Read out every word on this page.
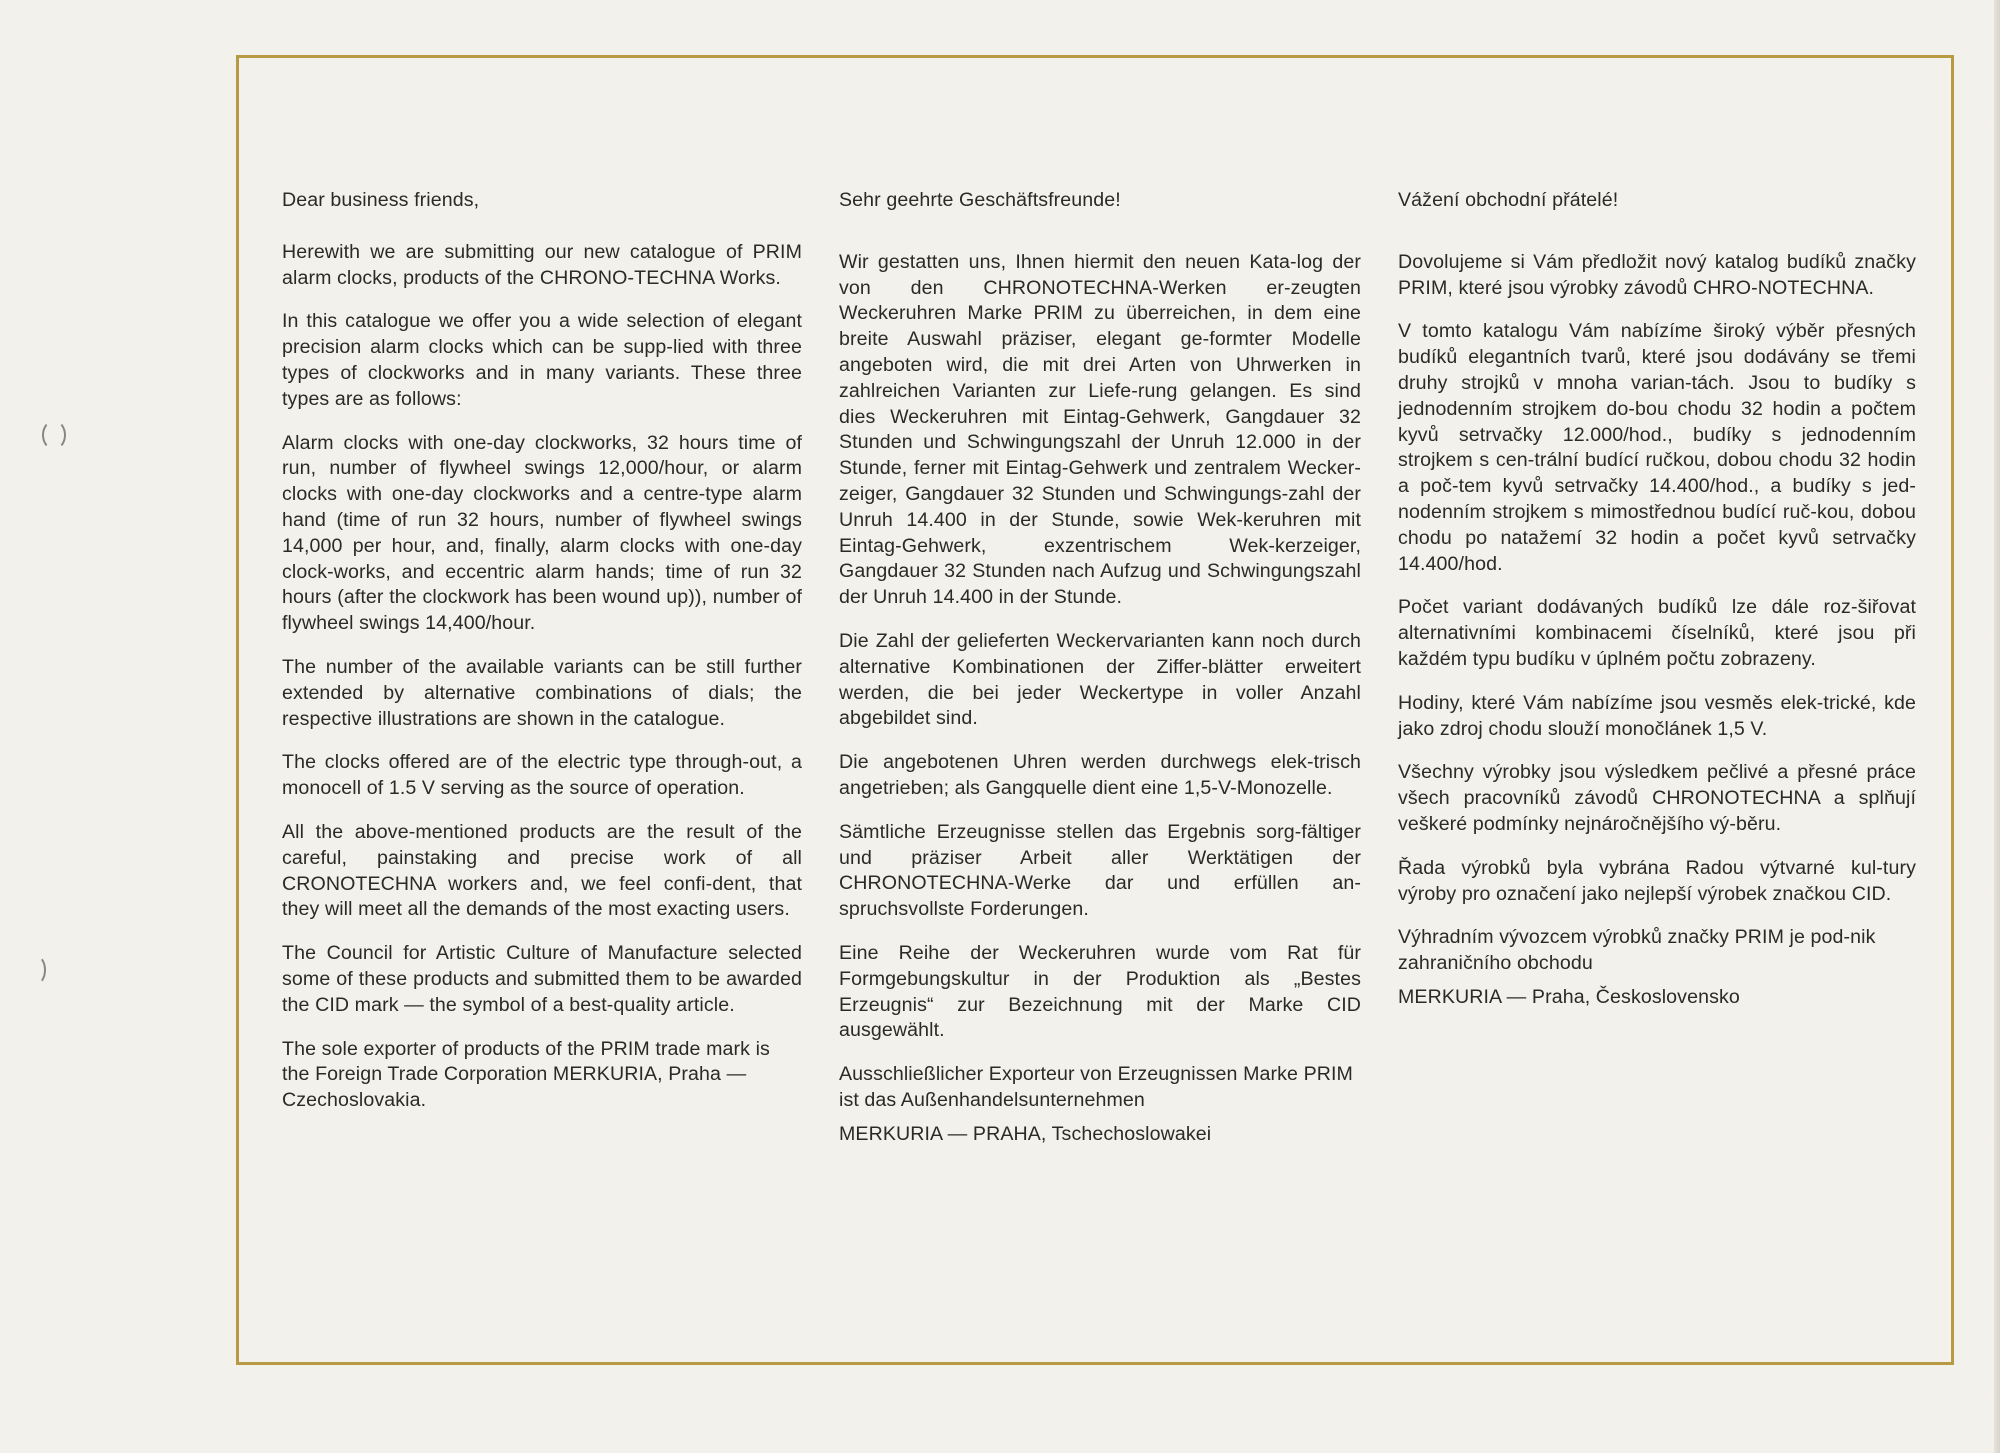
Dear business friends,

Herewith we are submitting our new catalogue of PRIM alarm clocks, products of the CHRONO-TECHNA Works.

In this catalogue we offer you a wide selection of elegant precision alarm clocks which can be supp-lied with three types of clockworks and in many variants. These three types are as follows:

Alarm clocks with one-day clockworks, 32 hours time of run, number of flywheel swings 12,000/hour, or alarm clocks with one-day clockworks and a centre-type alarm hand (time of run 32 hours, number of flywheel swings 14,000 per hour, and, finally, alarm clocks with one-day clock-works, and eccentric alarm hands; time of run 32 hours (after the clockwork has been wound up)), number of flywheel swings 14,400/hour.

The number of the available variants can be still further extended by alternative combinations of dials; the respective illustrations are shown in the catalogue.

The clocks offered are of the electric type through-out, a monocell of 1.5 V serving as the source of operation.

All the above-mentioned products are the result of the careful, painstaking and precise work of all CRONOTECHNA workers and, we feel confi-dent, that they will meet all the demands of the most exacting users.

The Council for Artistic Culture of Manufacture selected some of these products and submitted them to be awarded the CID mark — the symbol of a best-quality article.

The sole exporter of products of the PRIM trade mark is the Foreign Trade Corporation MERKURIA, Praha — Czechoslovakia.

Sehr geehrte Geschäftsfreunde!

Wir gestatten uns, Ihnen hiermit den neuen Kata-log der von den CHRONOTECHNA-Werken er-zeugten Weckeruhren Marke PRIM zu überreichen, in dem eine breite Auswahl präziser, elegant ge-formter Modelle angeboten wird, die mit drei Arten von Uhrwerken in zahlreichen Varianten zur Liefe-rung gelangen. Es sind dies Weckeruhren mit Eintag-Gehwerk, Gangdauer 32 Stunden und Schwingungszahl der Unruh 12.000 in der Stunde, ferner mit Eintag-Gehwerk und zentralem Wecker-zeiger, Gangdauer 32 Stunden und Schwingungs-zahl der Unruh 14.400 in der Stunde, sowie Wek-keruhren mit Eintag-Gehwerk, exzentrischem Wek-kerzeiger, Gangdauer 32 Stunden nach Aufzug und Schwingungszahl der Unruh 14.400 in der Stunde.

Die Zahl der gelieferten Weckervarianten kann noch durch alternative Kombinationen der Ziffer-blätter erweitert werden, die bei jeder Weckertype in voller Anzahl abgebildet sind.

Die angebotenen Uhren werden durchwegs elek-trisch angetrieben; als Gangquelle dient eine 1,5-V-Monozelle.

Sämtliche Erzeugnisse stellen das Ergebnis sorg-fältiger und präziser Arbeit aller Werktätigen der CHRONOTECHNA-Werke dar und erfüllen an-spruchsvollste Forderungen.

Eine Reihe der Weckeruhren wurde vom Rat für Formgebungskultur in der Produktion als „Bestes Erzeugnis“ zur Bezeichnung mit der Marke CID ausgewählt.

Ausschließlicher Exporteur von Erzeugnissen Marke PRIM ist das Außenhandelsunternehmen

MERKURIA — PRAHA, Tschechoslowakei

Vážení obchodní přátelé!

Dovolujeme si Vám předložit nový katalog budíků značky PRIM, které jsou výrobky závodů CHRO-NOTECHNA.

V tomto katalogu Vám nabízíme široký výběr přesných budíků elegantních tvarů, které jsou dodávány se třemi druhy strojků v mnoha varian-tách. Jsou to budíky s jednodenním strojkem do-bou chodu 32 hodin a počtem kyvů setrvačky 12.000/hod., budíky s jednodenním strojkem s cen-trální budící ručkou, dobou chodu 32 hodin a poč-tem kyvů setrvačky 14.400/hod., a budíky s jed-nodenním strojkem s mimostřednou budící ruč-kou, dobou chodu po natažemí 32 hodin a počet kyvů setrvačky 14.400/hod.

Počet variant dodávaných budíků lze dále roz-šiřovat alternativními kombinacemi číselníků, které jsou při každém typu budíku v úplném počtu zobrazeny.

Hodiny, které Vám nabízíme jsou vesměs elek-trické, kde jako zdroj chodu slouží monočlánek 1,5 V.

Všechny výrobky jsou výsledkem pečlivé a přesné práce všech pracovníků závodů CHRONOTECHNA a splňují veškeré podmínky nejnáročnějšího vý-běru.

Řada výrobků byla vybrána Radou výtvarné kul-tury výroby pro označení jako nejlepší výrobek značkou CID.

Výhradním vývozcem výrobků značky PRIM je pod-nik zahraničního obchodu

MERKURIA — Praha, Československo
